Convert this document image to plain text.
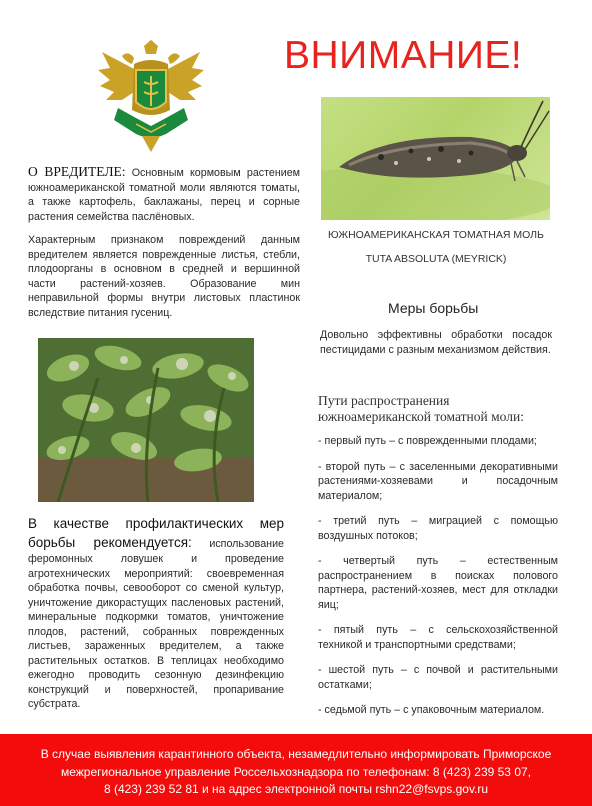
ВНИМАНИЕ!
ЮЖНОАМЕРИКАНСКАЯ ТОМАТНАЯ МОЛЬ
TUTA ABSOLUTA (MEYRICK)
О ВРЕДИТЕЛЕ: Основным кормовым растением южноамериканской томатной моли являются томаты, а также картофель, баклажаны, перец и сорные растения семейства паслёновых.
Характерным признаком повреждений данным вредителем является поврежденные листья, стебли, плодоорганы в основном в средней и вершинной части растений-хозяев. Образование мин неправильной формы внутри листовых пластинок вследствие питания гусениц.
В качестве профилактических мер борьбы рекомендуется: использование феромонных ловушек и проведение агротехнических мероприятий: своевременная обработка почвы, севооборот со сменой культур, уничтожение дикорастущих пасленовых растений, минеральные подкормки томатов, уничтожение плодов, растений, собранных поврежденных листьев, зараженных вредителем, а также растительных остатков. В теплицах необходимо ежегодно проводить сезонную дезинфекцию конструкций и поверхностей, пропаривание субстрата.
Меры борьбы
Довольно эффективны обработки посадок пестицидами с разным механизмом действия.
Пути распространения южноамериканской томатной моли:
- первый путь – с поврежденными плодами;
- второй путь – с заселенными декоративными растениями-хозяевами и посадочным материалом;
- третий путь – миграцией с помощью воздушных потоков;
- четвертый путь – естественным распространением в поисках полового партнера, растений-хозяев, мест для откладки яиц;
- пятый путь – с сельскохозяйственной техникой и транспортными средствами;
- шестой путь – с почвой и растительными остатками;
- седьмой путь – с упаковочным материалом.
В случае выявления карантинного объекта, незамедлительно информировать Приморское
межрегиональное управление Россельхознадзора по телефонам: 8 (423) 239 53 07,
8 (423) 239 52 81 и на адрес электронной почты rshn22@fsvps.gov.ru
